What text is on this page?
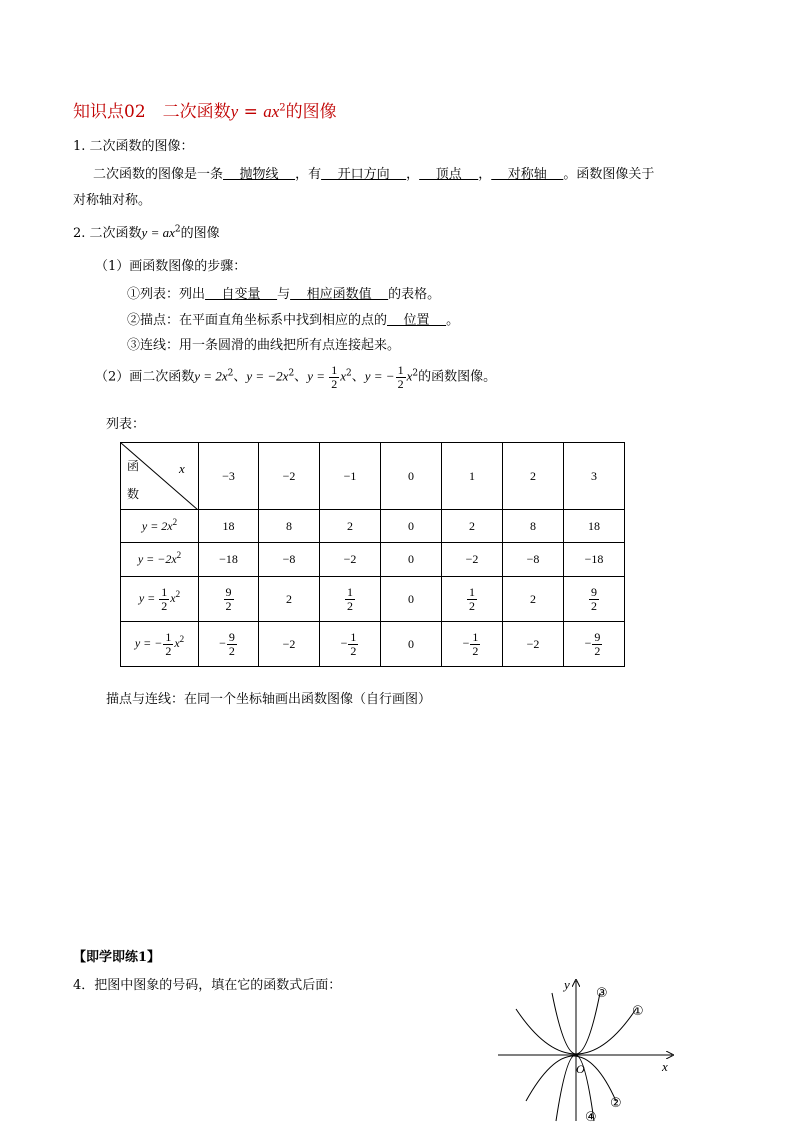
知识点02　二次函数$y = ax^2$的图像
1. 二次函数的图像：
二次函数的图像是一条    抛物线    ，有    开口方向    ，    顶点    ，    对称轴    。函数图像关于
对称轴对称。
2. 二次函数$y = ax^2$的图像
（1）画函数图像的步骤：
①列表：列出    自变量    与    相应函数值    的表格。
②描点：在平面直角坐标系中找到相应的点的    位置    。
③连线：用一条圆滑的曲线把所有点连接起来。
（2）画二次函数$y = 2x^2$、$y = -2x^2$、$y = \frac{1}{2} x^2$、y = − $\frac{1}{2} x^2$的函数图像。
列表：
函
数
x	−3	−2	−1	0	1	2	3
$y = 2x^2$	18	8	2	0	2	8	18
$y = -2x^2$	−18	−8	−2	0	−2	−8	−18
$y = \frac{1}{2} x^2$	$\frac{9}{2}$	2	$\frac{1}{2}$	0	$\frac{1}{2}$	2	$\frac{9}{2}$

y = − $\frac{1}{2} x^2$	− $\frac{9}{2}$	−2	− $\frac{1}{2}$	0	− $\frac{1}{2}$	−2	− $\frac{9}{2}$
描点与连线：在同一个坐标轴画出函数图像（自行画图）
【即学即练1】
4．把图中图象的号码，填在它的函数式后面：	y
x
O
①
②
③
④
